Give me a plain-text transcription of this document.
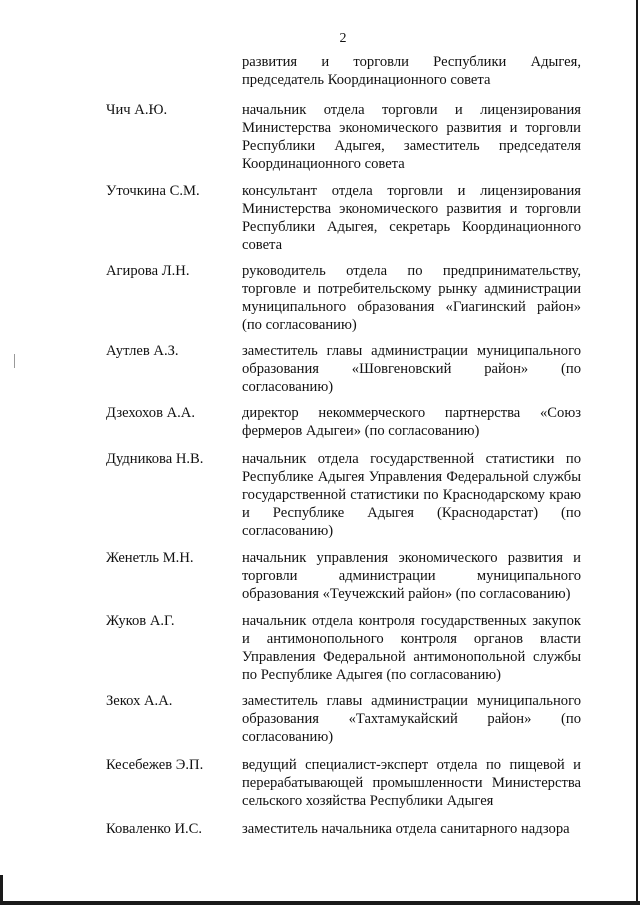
2
развития и торговли Республики Адыгея, председатель Координационного совета
Чич А.Ю.	начальник отдела торговли и лицензирования Министерства экономического развития и торговли Республики Адыгея, заместитель председателя Координационного совета
Уточкина С.М.	консультант отдела торговли и лицензирования Министерства экономического развития и торговли Республики Адыгея, секретарь Координационного совета
Агирова Л.Н.	руководитель отдела по предпринимательству, торговле и потребительскому рынку администрации муниципального образования «Гиагинский район» (по согласованию)
Аутлев А.З.	заместитель главы администрации муниципального образования «Шовгеновский район» (по согласованию)
Дзехохов А.А.	директор некоммерческого партнерства «Союз фермеров Адыгеи» (по согласованию)
Дудникова Н.В.	начальник отдела государственной статистики по Республике Адыгея Управления Федеральной службы государственной статистики по Краснодарскому краю и Республике Адыгея (Краснодарстат) (по согласованию)
Женетль М.Н.	начальник управления экономического развития и торговли администрации муниципального образования «Теучежский район» (по согласованию)
Жуков А.Г.	начальник отдела контроля государственных закупок и антимонопольного контроля органов власти Управления Федеральной антимонопольной службы по Республике Адыгея (по согласованию)
Зекох А.А.	заместитель главы администрации муниципального образования «Тахтамукайский район» (по согласованию)
Кесебежев Э.П.	ведущий специалист-эксперт отдела по пищевой и перерабатывающей промышленности Министерства сельского хозяйства Республики Адыгея
Коваленко И.С.	заместитель начальника отдела санитарного надзора
